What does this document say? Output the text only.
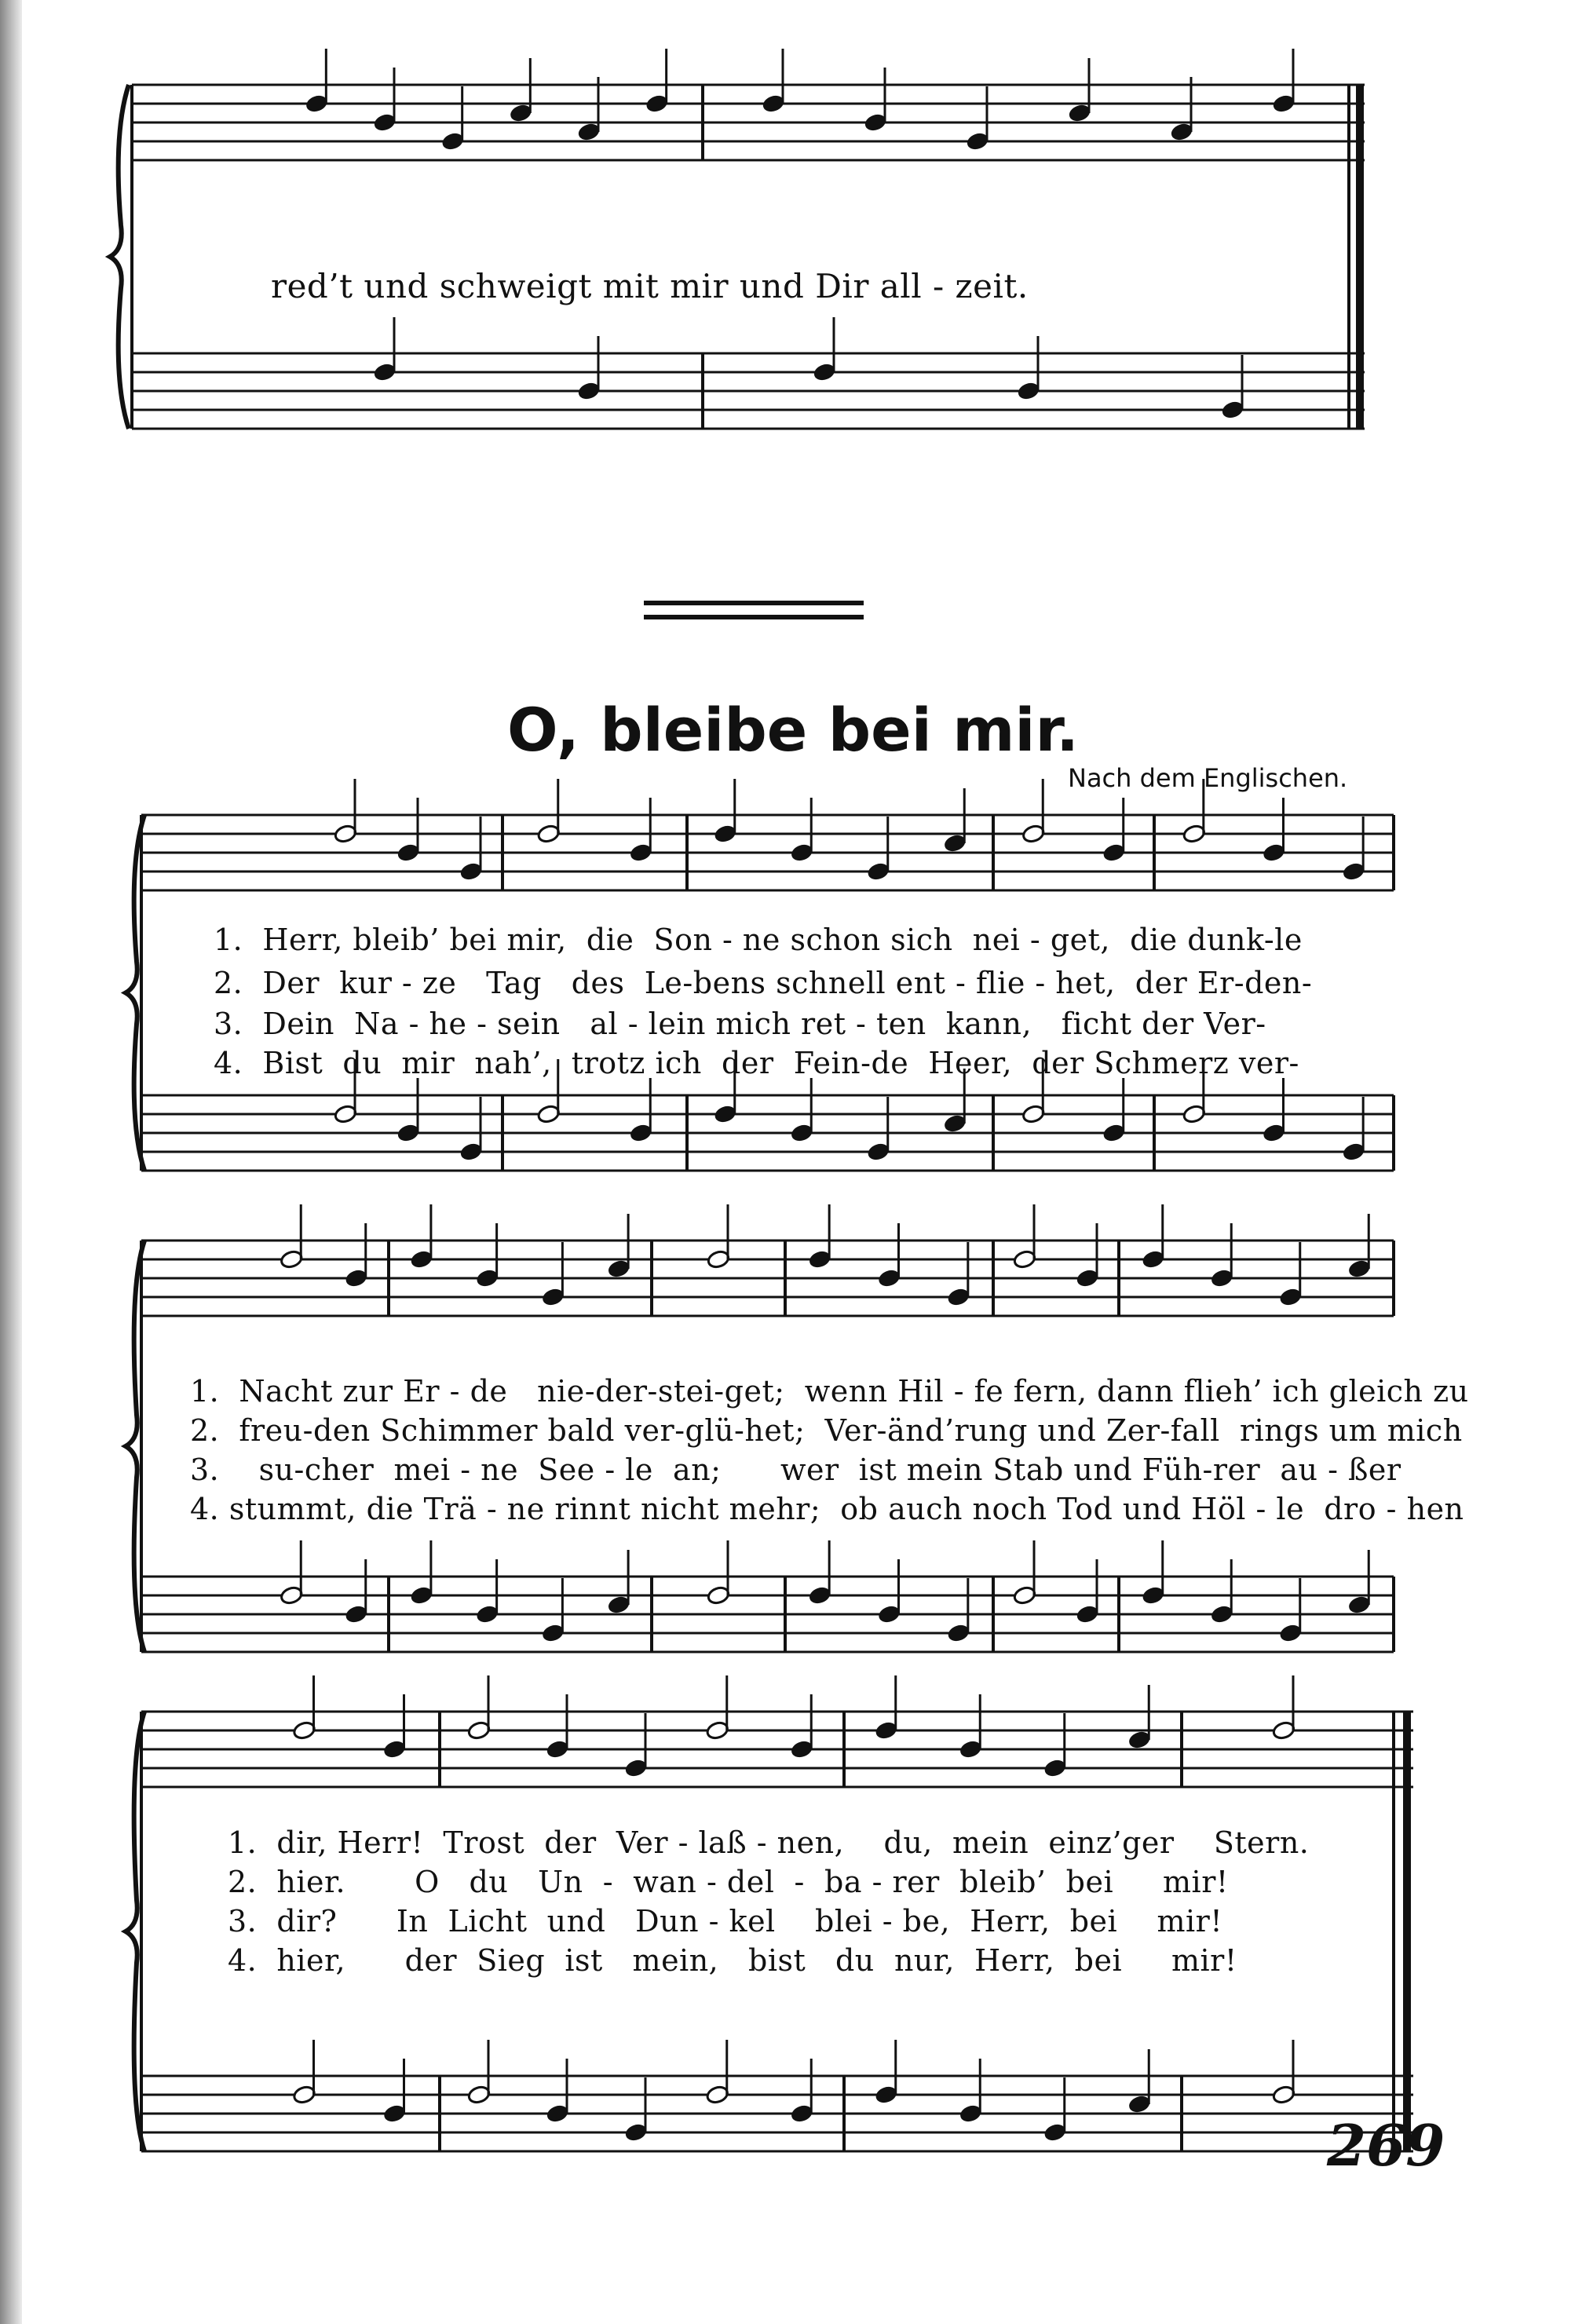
red’t und schweigt mit mir und Dir all - zeit.
O, bleibe bei mir.
Nach dem Englischen.
1.  Herr, bleib’ bei mir,  die  Son - ne schon sich  nei - get,  die dunk-le
2.  Der  kur - ze   Tag   des  Le-bens schnell ent - flie - het,  der Er-den-
3.  Dein  Na - he - sein   al - lein mich ret - ten  kann,   ficht der Ver-
4.  Bist  du  mir  nah’,  trotz ich  der  Fein-de  Heer,  der Schmerz ver-
1.  Nacht zur Er - de   nie-der-stei-get;  wenn Hil - fe fern, dann flieh’ ich gleich zu
2.  freu-den Schimmer bald ver-glü-het;  Ver-änd’rung und Zer-fall  rings um mich
3.    su-cher  mei - ne  See - le  an;      wer  ist mein Stab und Füh-rer  au - ßer
4. stummt, die Trä - ne rinnt nicht mehr;  ob auch noch Tod und Höl - le  dro - hen
1.  dir, Herr!  Trost  der  Ver - laß - nen,    du,  mein  einz’ger    Stern.
2.  hier.       O   du   Un  -  wan - del  -  ba - rer  bleib’  bei     mir!
3.  dir?      In  Licht  und   Dun - kel    blei - be,  Herr,  bei    mir!
4.  hier,      der  Sieg  ist   mein,   bist   du  nur,  Herr,  bei     mir!
269
